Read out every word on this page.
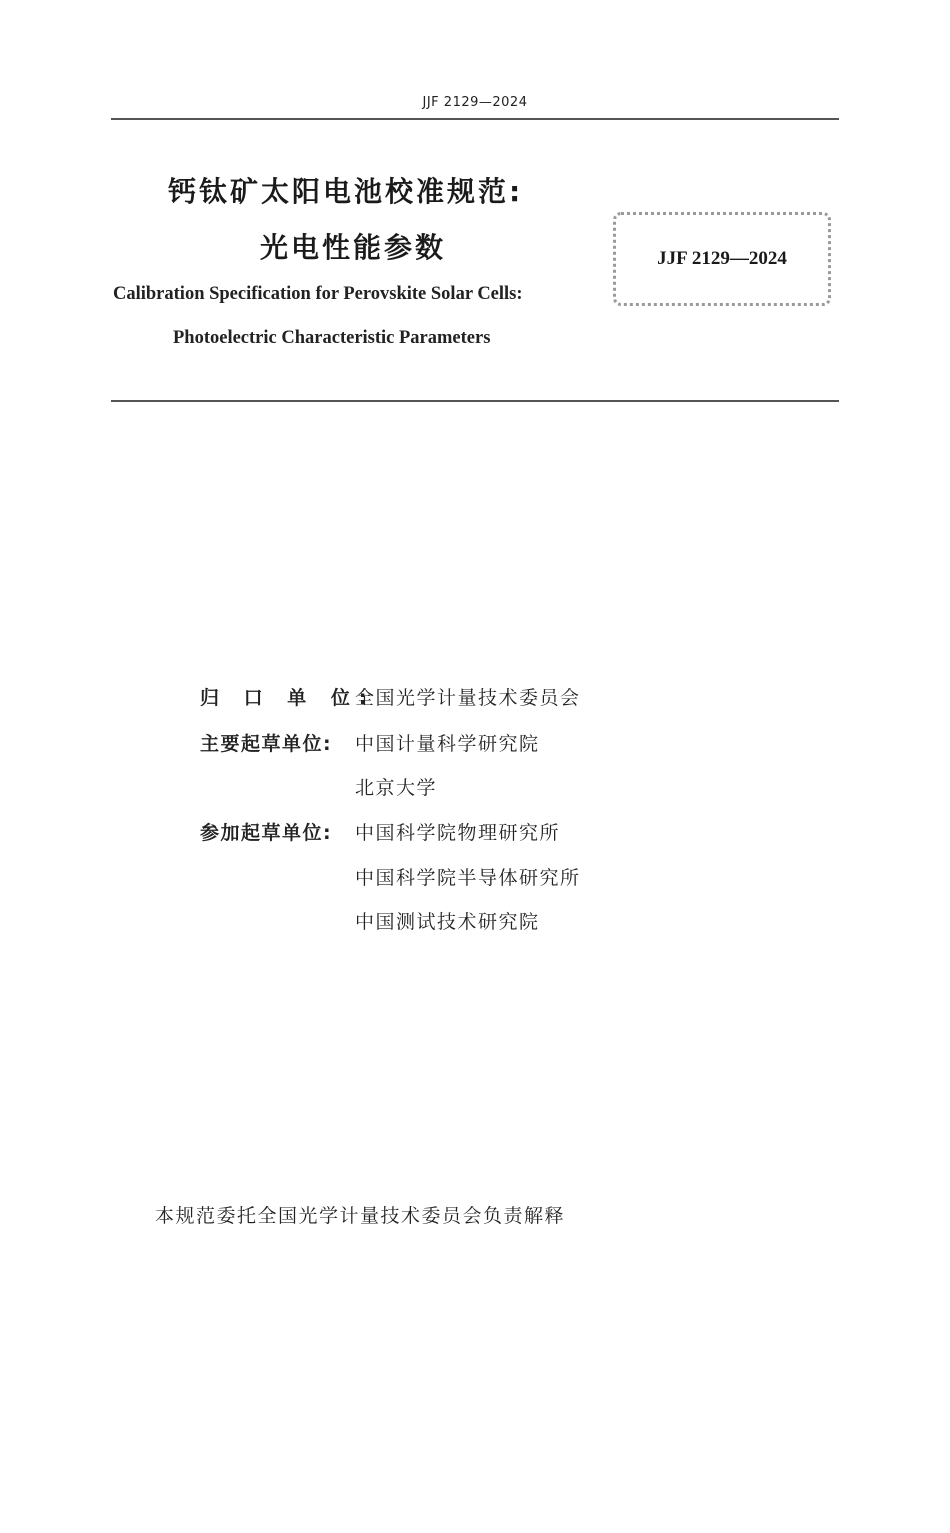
JJF 2129—2024
钙钛矿太阳电池校准规范:
光电性能参数
Calibration Specification for Perovskite Solar Cells:
Photoelectric Characteristic Parameters
JJF 2129—2024
归 口 单 位:
全国光学计量技术委员会
主要起草单位: 中国计量科学研究院
北京大学
参加起草单位: 中国科学院物理研究所
中国科学院半导体研究所
中国测试技术研究院
本规范委托全国光学计量技术委员会负责解释
